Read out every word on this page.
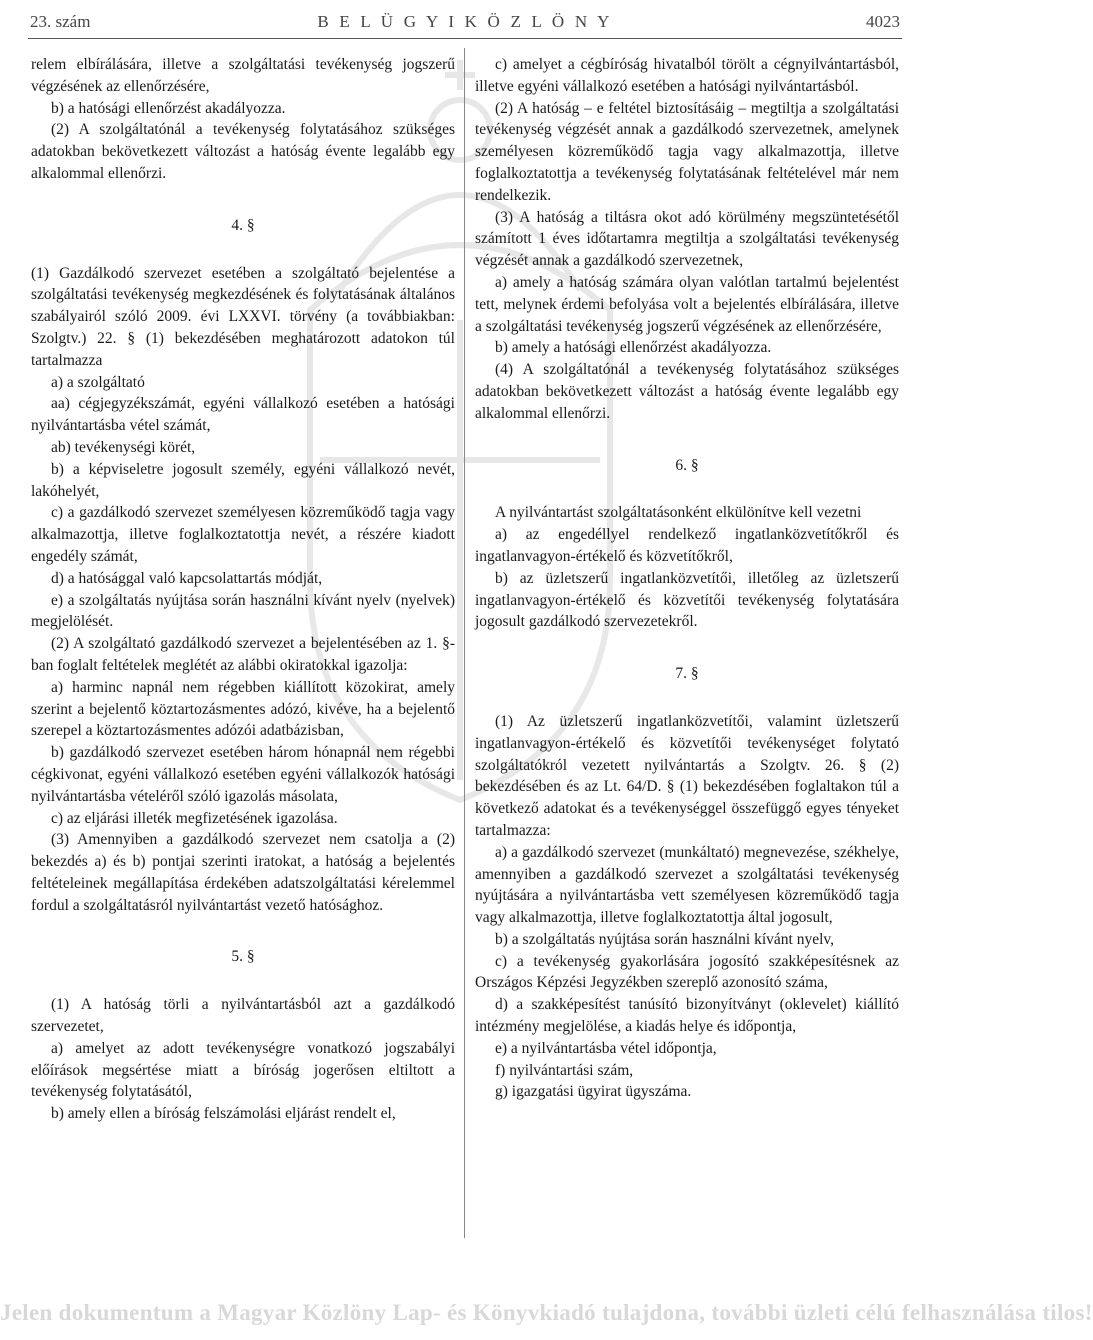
23. szám	B E L Ü G Y I K Ö Z L Ö N Y	4023

relem elbírálására, illetve a szolgáltatási tevékenység jogszerű végzésének az ellenőrzésére,

b) a hatósági ellenőrzést akadályozza.

(2) A szolgáltatónál a tevékenység folytatásához szükséges adatokban bekövetkezett változást a hatóság évente legalább egy alkalommal ellenőrzi.

4. §

(1) Gazdálkodó szervezet esetében a szolgáltató bejelentése a szolgáltatási tevékenység megkezdésének és folytatásának általános szabályairól szóló 2009. évi LXXVI. törvény (a továbbiakban: Szolgtv.) 22. § (1) bekezdésében meghatározott adatokon túl tartalmazza

a) a szolgáltató

aa) cégjegyzékszámát, egyéni vállalkozó esetében a hatósági nyilvántartásba vétel számát,

ab) tevékenységi körét,

b) a képviseletre jogosult személy, egyéni vállalkozó nevét, lakóhelyét,

c) a gazdálkodó szervezet személyesen közreműködő tagja vagy alkalmazottja, illetve foglalkoztatottja nevét, a részére kiadott engedély számát,

d) a hatósággal való kapcsolattartás módját,

e) a szolgáltatás nyújtása során használni kívánt nyelv (nyelvek) megjelölését.

(2) A szolgáltató gazdálkodó szervezet a bejelentésében az 1. §-ban foglalt feltételek meglétét az alábbi okiratokkal igazolja:

a) harminc napnál nem régebben kiállított közokirat, amely szerint a bejelentő köztartozásmentes adózó, kivéve, ha a bejelentő szerepel a köztartozásmentes adózói adatbázisban,

b) gazdálkodó szervezet esetében három hónapnál nem régebbi cégkivonat, egyéni vállalkozó esetében egyéni vállalkozók hatósági nyilvántartásba vételéről szóló igazolás másolata,

c) az eljárási illeték megfizetésének igazolása.

(3) Amennyiben a gazdálkodó szervezet nem csatolja a (2) bekezdés a) és b) pontjai szerinti iratokat, a hatóság a bejelentés feltételeinek megállapítása érdekében adatszolgáltatási kérelemmel fordul a szolgáltatásról nyilvántartást vezető hatósághoz.

5. §

(1) A hatóság törli a nyilvántartásból azt a gazdálkodó szervezetet,

a) amelyet az adott tevékenységre vonatkozó jogszabályi előírások megsértése miatt a bíróság jogerősen eltiltott a tevékenység folytatásától,

b) amely ellen a bíróság felszámolási eljárást rendelt el,

c) amelyet a cégbíróság hivatalból törölt a cégnyilvántartásból, illetve egyéni vállalkozó esetében a hatósági nyilvántartásból.

(2) A hatóság – e feltétel biztosításáig – megtiltja a szolgáltatási tevékenység végzését annak a gazdálkodó szervezetnek, amelynek személyesen közreműködő tagja vagy alkalmazottja, illetve foglalkoztatottja a tevékenység folytatásának feltételével már nem rendelkezik.

(3) A hatóság a tiltásra okot adó körülmény megszüntetésétől számított 1 éves időtartamra megtiltja a szolgáltatási tevékenység végzését annak a gazdálkodó szervezetnek,

a) amely a hatóság számára olyan valótlan tartalmú bejelentést tett, melynek érdemi befolyása volt a bejelentés elbírálására, illetve a szolgáltatási tevékenység jogszerű végzésének az ellenőrzésére,

b) amely a hatósági ellenőrzést akadályozza.

(4) A szolgáltatónál a tevékenység folytatásához szükséges adatokban bekövetkezett változást a hatóság évente legalább egy alkalommal ellenőrzi.

6. §

A nyilvántartást szolgáltatásonként elkülönítve kell vezetni

a) az engedéllyel rendelkező ingatlanközvetítőkről és ingatlanvagyon-értékelő és közvetítőkről,

b) az üzletszerű ingatlanközvetítői, illetőleg az üzletszerű ingatlanvagyon-értékelő és közvetítői tevékenység folytatására jogosult gazdálkodó szervezetekről.

7. §

(1) Az üzletszerű ingatlanközvetítői, valamint üzletszerű ingatlanvagyon-értékelő és közvetítői tevékenységet folytató szolgáltatókról vezetett nyilvántartás a Szolgtv. 26. § (2) bekezdésében és az Lt. 64/D. § (1) bekezdésében foglaltakon túl a következő adatokat és a tevékenységgel összefüggő egyes tényeket tartalmazza:

a) a gazdálkodó szervezet (munkáltató) megnevezése, székhelye, amennyiben a gazdálkodó szervezet a szolgáltatási tevékenység nyújtására a nyilvántartásba vett személyesen közreműködő tagja vagy alkalmazottja, illetve foglalkoztatottja által jogosult,

b) a szolgáltatás nyújtása során használni kívánt nyelv,

c) a tevékenység gyakorlására jogosító szakképesítésnek az Országos Képzési Jegyzékben szereplő azonosító száma,

d) a szakképesítést tanúsító bizonyítványt (oklevelet) kiállító intézmény megjelölése, a kiadás helye és időpontja,

e) a nyilvántartásba vétel időpontja,

f) nyilvántartási szám,

g) igazgatási ügyirat ügyszáma.

Jelen dokumentum a Magyar Közlöny Lap- és Könyvkiadó tulajdona, további üzleti célú felhasználása tilos!
